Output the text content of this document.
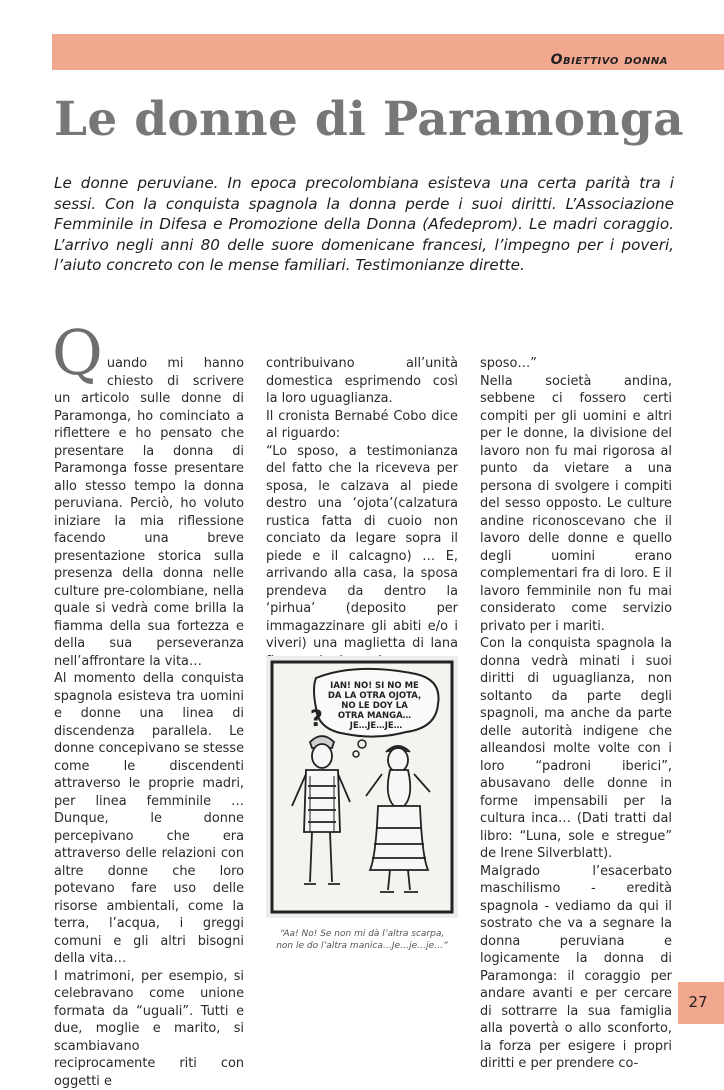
Obiettivo donna
Le donne di Paramonga

Le donne peruviane. In epoca precolombiana esisteva una certa parità tra i sessi. Con la conquista spagnola la donna perde i suoi diritti. L’Associazione Femminile in Difesa e Promozione della Donna (Afedeprom). Le madri coraggio. L’arrivo negli anni 80 delle suore domenicane francesi, l’impegno per i poveri, l’aiuto concreto con le mense familiari. Testimonianze dirette.

Q uando mi hanno chiesto di scrivere un articolo sulle donne di Paramonga, ho cominciato a riflettere e ho pensato che presentare la donna di Paramonga fosse presentare allo stesso tempo la donna peruviana. Perciò, ho voluto iniziare la mia riflessione facendo una breve presentazione storica sulla presenza della donna nelle culture pre-colombiane, nella quale si vedrà come brilla la fiamma della sua fortezza e della sua perseveranza nell’affrontare la vita…

Al momento della conquista spagnola esisteva tra uomini e donne una linea di discendenza parallela. Le donne concepivano se stesse come le discendenti attraverso le proprie madri, per linea femminile … Dunque, le donne percepivano che era attraverso delle relazioni con altre donne che loro potevano fare uso delle risorse ambientali, come la terra, l’acqua, i greggi comuni e gli altri bisogni della vita…

I matrimoni, per esempio, si celebravano come unione formata da “uguali”. Tutti e due, moglie e marito, si scambiavano reciprocamente riti con oggetti e

contribuivano all’unità domestica esprimendo così la loro uguaglianza.

Il cronista Bernabé Cobo dice al riguardo:

“Lo sposo, a testimonianza del fatto che la riceveva per sposa, le calzava al piede destro una ‘ojota’(calzatura rustica fatta di cuoio non conciato da legare sopra il piede e il calcagno) … E, arrivando alla casa, la sposa prendeva da dentro la ‘pirhua’ (deposito per immagazzinare gli abiti e/o i viveri) una maglietta di lana

sposo…”

Nella società andina, sebbene ci fossero certi compiti per gli uomini e altri per le donne, la divisione del lavoro non fu mai rigorosa al punto da vietare a una persona di svolgere i compiti del sesso opposto. Le culture andine riconoscevano che il lavoro delle donne e quello degli uomini erano complementari fra di loro. E il lavoro femminile non fu mai considerato come servizio privato per i mariti.

Con la conquista spagnola la donna vedrà minati i suoi diritti di uguaglianza, non soltanto da parte degli spagnoli, ma anche da parte delle autorità indigene che alleandosi molte volte con i loro “padroni iberici”, abusavano delle donne in forme impensabili per la cultura inca… (Dati tratti dal libro: “Luna, sole e stregue” de Irene Silverblatt).

Malgrado l’esacerbato maschilismo - eredità spagnola - vediamo da qui il sostrato che va a segnare la donna peruviana e logicamente la donna di Paramonga: il coraggio per andare avanti e per cercare di sottrarre la sua famiglia alla povertà o allo sconforto, la forza per esigere i propri diritti e per prendere co-

IAN! NO! SI NO ME DA LA OTRA OJOTA, NO LE DOY LA OTRA MANGA… JE…JE…JE…
?
“Aa! No! Se non mi dà l’altra scarpa,
non le do l’altra manica…Je…je…je…”
27
